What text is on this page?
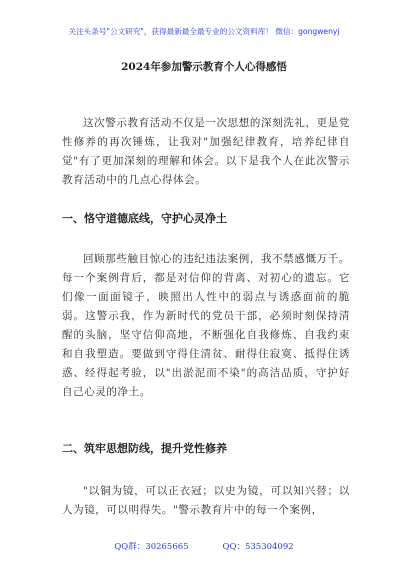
关注头条号"公文研究"，获得最新最全最专业的公文资料库！ 微信：gongwenyj
2024年参加警示教育个人心得感悟

这次警示教育活动不仅是一次思想的深刻洗礼，更是党性修养的再次锤炼，让我对"加强纪律教育，培养纪律自觉"有了更加深刻的理解和体会。以下是我个人在此次警示教育活动中的几点心得体会。

一、恪守道德底线，守护心灵净土

回顾那些触目惊心的违纪违法案例，我不禁感慨万千。每一个案例背后，都是对信仰的背离、对初心的遗忘。它们像一面面镜子，映照出人性中的弱点与诱惑面前的脆弱。这警示我，作为新时代的党员干部，必须时刻保持清醒的头脑，坚守信仰高地，不断强化自我修炼、自我约束和自我塑造。要做到守得住清贫、耐得住寂寞、抵得住诱惑、经得起考验，以"出淤泥而不染"的高洁品质，守护好自己心灵的净土。

二、筑牢思想防线，提升党性修养

"以铜为镜，可以正衣冠；以史为镜，可以知兴替；以人为镜，可以明得失。"警示教育片中的每一个案例，

QQ群：30265665	QQ：535304092
